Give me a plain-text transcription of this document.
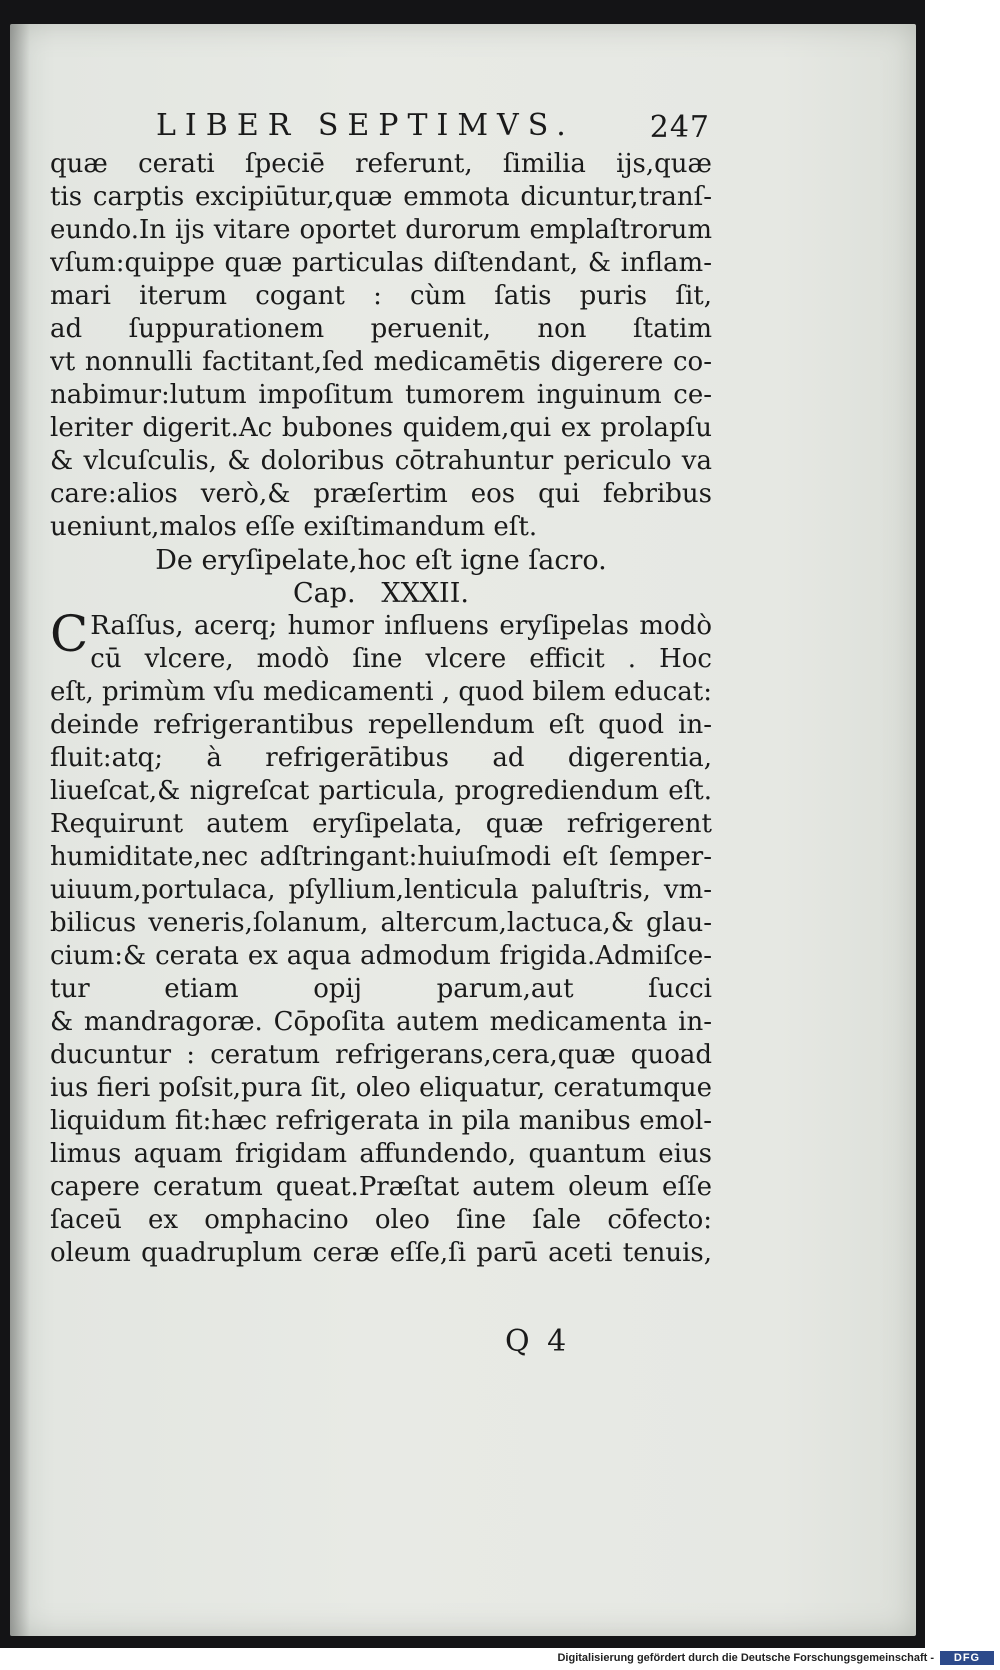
LIBER SEPTIMVS. 247
quæ cerati ſpeciē referunt, ſimilia ijs,quæ
tis carptis excipiūtur,quæ emmota dicuntur,tranſ-
eundo.In ijs vitare oportet durorum emplaſtrorum
vſum:quippe quæ particulas diſtendant, & inflam-
mari iterum cogant : cùm ſatis puris ſit,
ad ſuppurationem peruenit, non ſtatim
vt nonnulli factitant,ſed medicamētis digerere co-
nabimur:lutum impoſitum tumorem inguinum ce-
leriter digerit.Ac bubones quidem,qui ex prolapſu
& vlcuſculis, & doloribus cōtrahuntur periculo va
care:alios verò,& præſertim eos qui febribus
ueniunt,malos eſſe exiſtimandum eſt.
De eryſipelate,hoc eſt igne ſacro.
Cap.   XXXII.
C Raſſus, acerq; humor influens eryſipelas modò
cū vlcere, modò ſine vlcere efficit . Hoc
eſt, primùm vſu medicamenti , quod bilem educat:
deinde refrigerantibus repellendum eſt quod in-
fluit:atq; à refrigerātibus ad digerentia,
liueſcat,& nigreſcat particula, progrediendum eſt.
Requirunt autem eryſipelata, quæ refrigerent
humiditate,nec adſtringant:huiuſmodi eſt ſemper-
uiuum,portulaca, pſyllium,lenticula paluſtris, vm-
bilicus veneris,ſolanum, altercum,lactuca,& glau-
cium:& cerata ex aqua admodum frigida.Admiſce-
tur etiam opij parum,aut ſucci
& mandragoræ. Cōpoſita autem medicamenta in-
ducuntur : ceratum refrigerans,cera,quæ quoad
ius fieri poſsit,pura ſit, oleo eliquatur, ceratumque
liquidum fit:hæc refrigerata in pila manibus emol-
limus aquam frigidam affundendo, quantum eius
capere ceratum queat.Præſtat autem oleum eſſe
ſaceū ex omphacino oleo ſine ſale cōfecto:
oleum quadruplum ceræ eſſe,ſi parū aceti tenuis,
Q 4
Digitalisierung gefördert durch die Deutsche Forschungsgemeinschaft -	DFG
